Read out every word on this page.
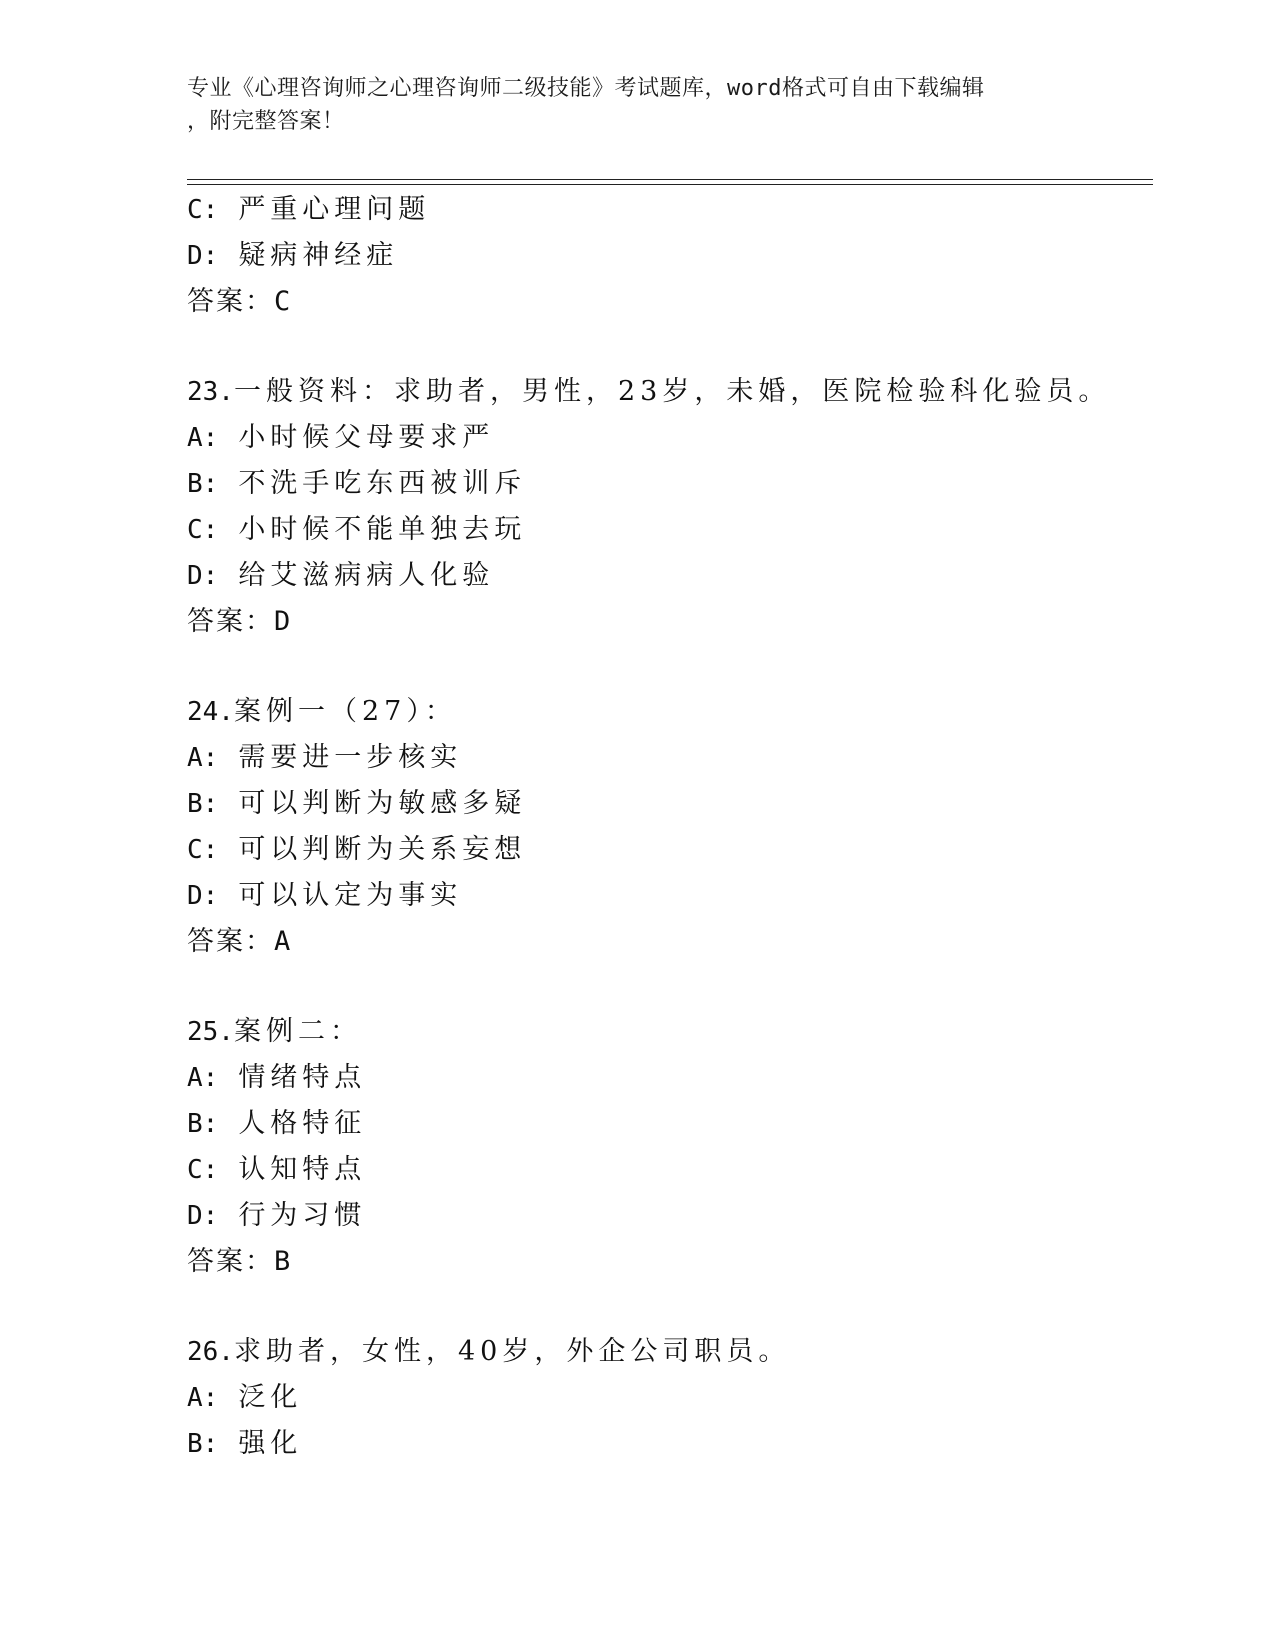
专业《心理咨询师之心理咨询师二级技能》考试题库，word格式可自由下载编辑
，附完整答案！
C: 严重心理问题
D: 疑病神经症
答案：C
23.一般资料：求助者，男性，23岁，未婚，医院检验科化验员。
A: 小时候父母要求严
B: 不洗手吃东西被训斥
C: 小时候不能单独去玩
D: 给艾滋病病人化验
答案：D
24.案例一（27）：
A: 需要进一步核实
B: 可以判断为敏感多疑
C: 可以判断为关系妄想
D: 可以认定为事实
答案：A
25.案例二：
A: 情绪特点
B: 人格特征
C: 认知特点
D: 行为习惯
答案：B
26.求助者，女性，40岁，外企公司职员。
A: 泛化
B: 强化
